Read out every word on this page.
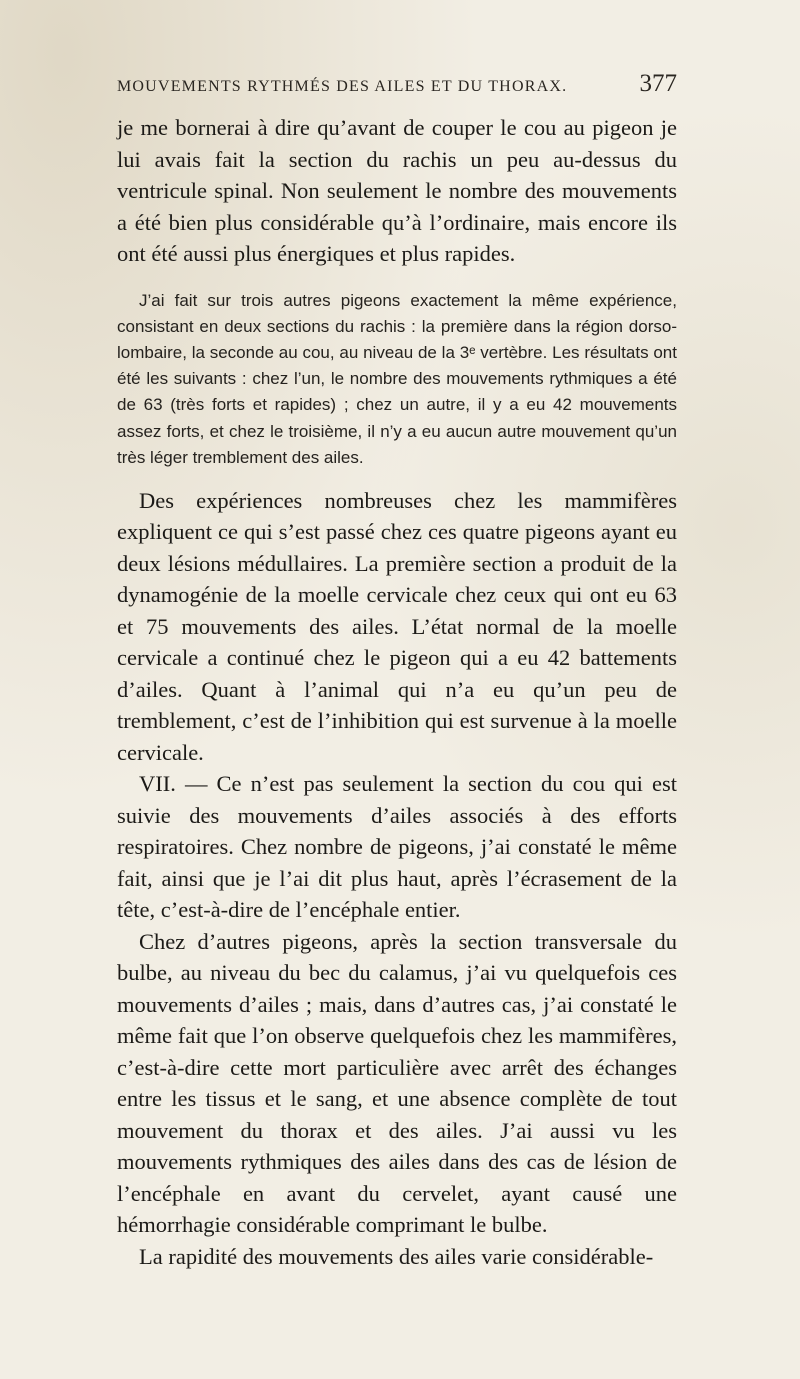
MOUVEMENTS RYTHMÉS DES AILES ET DU THORAX.	377

je me bornerai à dire qu’avant de couper le cou au pigeon je lui avais fait la section du rachis un peu au-dessus du ventricule spinal. Non seulement le nombre des mouvements a été bien plus considérable qu’à l’ordinaire, mais encore ils ont été aussi plus énergiques et plus rapides.

J’ai fait sur trois autres pigeons exactement la même expérience, consistant en deux sections du rachis : la première dans la région dorso-lombaire, la seconde au cou, au niveau de la 3ᵉ vertèbre. Les résultats ont été les suivants : chez l’un, le nombre des mouvements rythmiques a été de 63 (très forts et rapides) ; chez un autre, il y a eu 42 mouvements assez forts, et chez le troisième, il n’y a eu aucun autre mouvement qu’un très léger tremblement des ailes.

Des expériences nombreuses chez les mammifères expliquent ce qui s’est passé chez ces quatre pigeons ayant eu deux lésions médullaires. La première section a produit de la dynamogénie de la moelle cervicale chez ceux qui ont eu 63 et 75 mouvements des ailes. L’état normal de la moelle cervicale a continué chez le pigeon qui a eu 42 battements d’ailes. Quant à l’animal qui n’a eu qu’un peu de tremblement, c’est de l’inhibition qui est survenue à la moelle cervicale.

VII. — Ce n’est pas seulement la section du cou qui est suivie des mouvements d’ailes associés à des efforts respiratoires. Chez nombre de pigeons, j’ai constaté le même fait, ainsi que je l’ai dit plus haut, après l’écrasement de la tête, c’est-à-dire de l’encéphale entier.

Chez d’autres pigeons, après la section transversale du bulbe, au niveau du bec du calamus, j’ai vu quelquefois ces mouvements d’ailes ; mais, dans d’autres cas, j’ai constaté le même fait que l’on observe quelquefois chez les mammifères, c’est-à-dire cette mort particulière avec arrêt des échanges entre les tissus et le sang, et une absence complète de tout mouvement du thorax et des ailes. J’ai aussi vu les mouvements rythmiques des ailes dans des cas de lésion de l’encéphale en avant du cervelet, ayant causé une hémorrhagie considérable comprimant le bulbe.

La rapidité des mouvements des ailes varie considérable-
